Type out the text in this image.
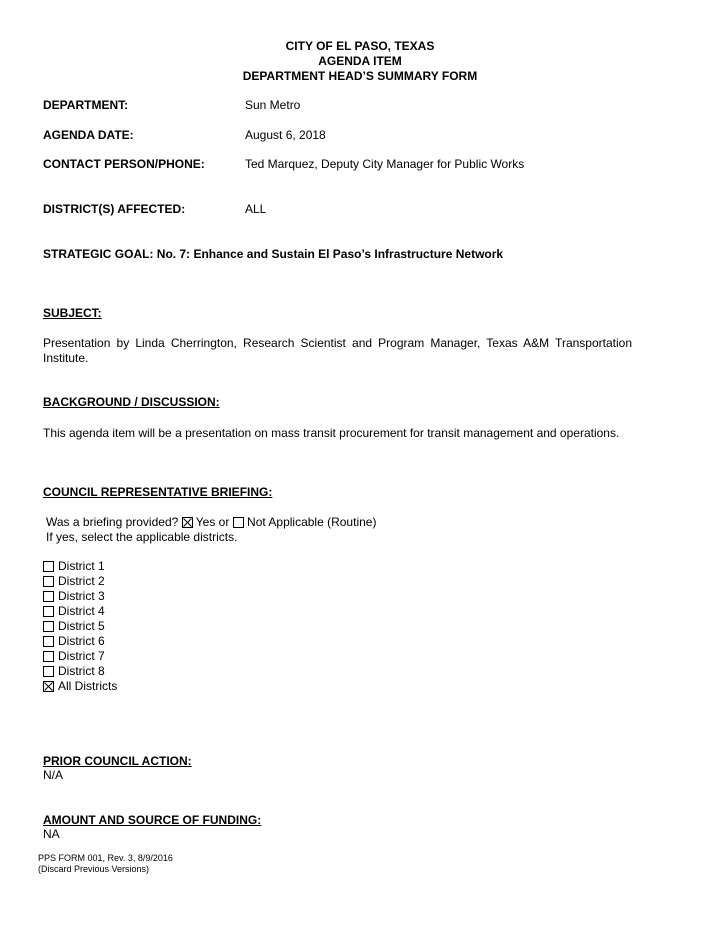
CITY OF EL PASO, TEXAS
AGENDA ITEM
DEPARTMENT HEAD’S SUMMARY FORM
DEPARTMENT:	Sun Metro
AGENDA DATE:	August 6, 2018
CONTACT PERSON/PHONE:	Ted Marquez, Deputy City Manager for Public Works
DISTRICT(S) AFFECTED:	ALL
STRATEGIC GOAL: No. 7: Enhance and Sustain El Paso’s Infrastructure Network
SUBJECT:
Presentation by Linda Cherrington, Research Scientist and Program Manager, Texas A&M Transportation Institute.
BACKGROUND / DISCUSSION:
This agenda item will be a presentation on mass transit procurement for transit management and operations.
COUNCIL REPRESENTATIVE BRIEFING:
Was a briefing provided? Yes or Not Applicable (Routine)
If yes, select the applicable districts.
District 1
District 2
District 3
District 4
District 5
District 6
District 7
District 8
All Districts
PRIOR COUNCIL ACTION:
N/A
AMOUNT AND SOURCE OF FUNDING:
NA
PPS FORM 001, Rev. 3, 8/9/2016
(Discard Previous Versions)
